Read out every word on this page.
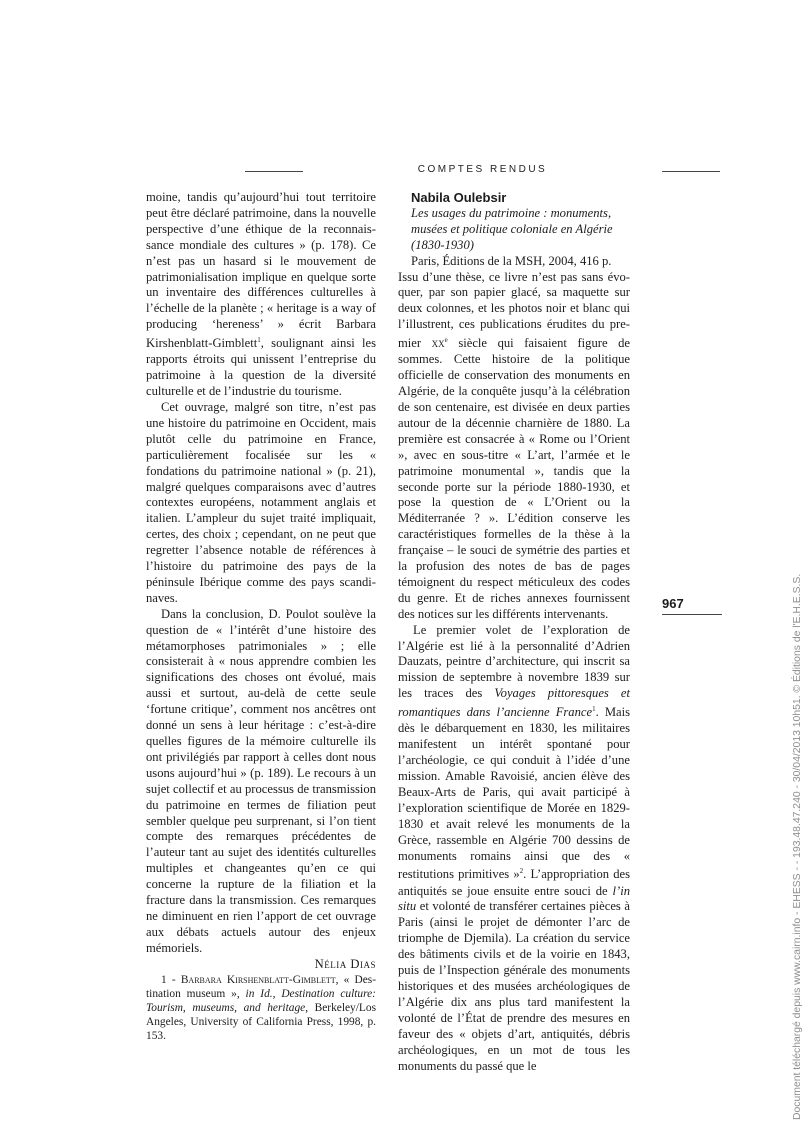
COMPTES RENDUS

moine, tandis qu’aujourd’hui tout territoire peut être déclaré patrimoine, dans la nouvelle perspective d’une éthique de la reconnaissance mondiale des cultures » (p. 178). Ce n’est pas un hasard si le mouvement de patrimonialisation implique en quelque sorte un inventaire des différences culturelles à l’échelle de la planète ; « heritage is a way of producing ‘hereness’ » écrit Barbara Kirshenblatt-Gimblett$^1$, soulignant ainsi les rapports étroits qui unissent l’entreprise du patrimoine à la question de la diversité culturelle et de l’industrie du tourisme.

Cet ouvrage, malgré son titre, n’est pas une histoire du patrimoine en Occident, mais plutôt celle du patrimoine en France, particulièrement focalisée sur les « fondations du patrimoine national » (p. 21), malgré quelques comparaisons avec d’autres contextes européens, notamment anglais et italien. L’ampleur du sujet traité impliquait, certes, des choix ; cependant, on ne peut que regretter l’absence notable de références à l’histoire du patrimoine des pays de la péninsule Ibérique comme des pays scandinaves.

Dans la conclusion, D. Poulot soulève la question de « l’intérêt d’une histoire des métamorphoses patrimoniales » ; elle consisterait à « nous apprendre combien les significations des choses ont évolué, mais aussi et surtout, au-delà de cette seule ‘fortune critique’, comment nos ancêtres ont donné un sens à leur héritage : c’est-à-dire quelles figures de la mémoire culturelle ils ont privilégiés par rapport à celles dont nous usons aujourd’hui » (p. 189). Le recours à un sujet collectif et au processus de transmission du patrimoine en termes de filiation peut sembler quelque peu surprenant, si l’on tient compte des remarques précédentes de l’auteur tant au sujet des identités culturelles multiples et changeantes qu’en ce qui concerne la rupture de la filiation et la fracture dans la transmission. Ces remarques ne diminuent en rien l’apport de cet ouvrage aux débats actuels autour des enjeux mémoriels.

Nélia Dias

1 - Barbara Kirshenblatt-Gimblett, « Destination museum », in Id., Destination culture: Tourism, museums, and heritage, Berkeley/Los Angeles, University of California Press, 1998, p. 153.

Nabila Oulebsir

Les usages du patrimoine : monuments, musées et politique coloniale en Algérie (1830-1930)

Paris, Éditions de la MSH, 2004, 416 p.

Issu d’une thèse, ce livre n’est pas sans évoquer, par son papier glacé, sa maquette sur deux colonnes, et les photos noir et blanc qui l’illustrent, ces publications érudites du premier $xx^e$ siècle qui faisaient figure de sommes. Cette histoire de la politique officielle de conservation des monuments en Algérie, de la conquête jusqu’à la célébration de son centenaire, est divisée en deux parties autour de la décennie charnière de 1880. La première est consacrée à « Rome ou l’Orient », avec en sous-titre « L’art, l’armée et le patrimoine monumental », tandis que la seconde porte sur la période 1880-1930, et pose la question de « L’Orient ou la Méditerranée ? ». L’édition conserve les caractéristiques formelles de la thèse à la française – le souci de symétrie des parties et la profusion des notes de bas de pages témoignent du respect méticuleux des codes du genre. Et de riches annexes fournissent des notices sur les différents intervenants.

Le premier volet de l’exploration de l’Algérie est lié à la personnalité d’Adrien Dauzats, peintre d’architecture, qui inscrit sa mission de septembre à novembre 1839 sur les traces des Voyages pittoresques et romantiques dans l’ancienne France$^1$. Mais dès le débarquement en 1830, les militaires manifestent un intérêt spontané pour l’archéologie, ce qui conduit à l’idée d’une mission. Amable Ravoisié, ancien élève des Beaux-Arts de Paris, qui avait participé à l’exploration scientifique de Morée en 1829-1830 et avait relevé les monuments de la Grèce, rassemble en Algérie 700 dessins de monuments romains ainsi que des « restitutions primitives »$^2$. L’appropriation des antiquités se joue ensuite entre souci de l’in situ et volonté de transférer certaines pièces à Paris (ainsi le projet de démonter l’arc de triomphe de Djemila). La création du service des bâtiments civils et de la voirie en 1843, puis de l’Inspection générale des monuments historiques et des musées archéologiques de l’Algérie dix ans plus tard manifestent la volonté de l’État de prendre des mesures en faveur des « objets d’art, antiquités, débris archéologiques, en un mot de tous les monuments du passé que le

967	Document téléchargé depuis www.cairn.info - EHESS - - 193.48.47.240 - 30/04/2013 10h51. © Éditions de l'E.H.E.S.S.
